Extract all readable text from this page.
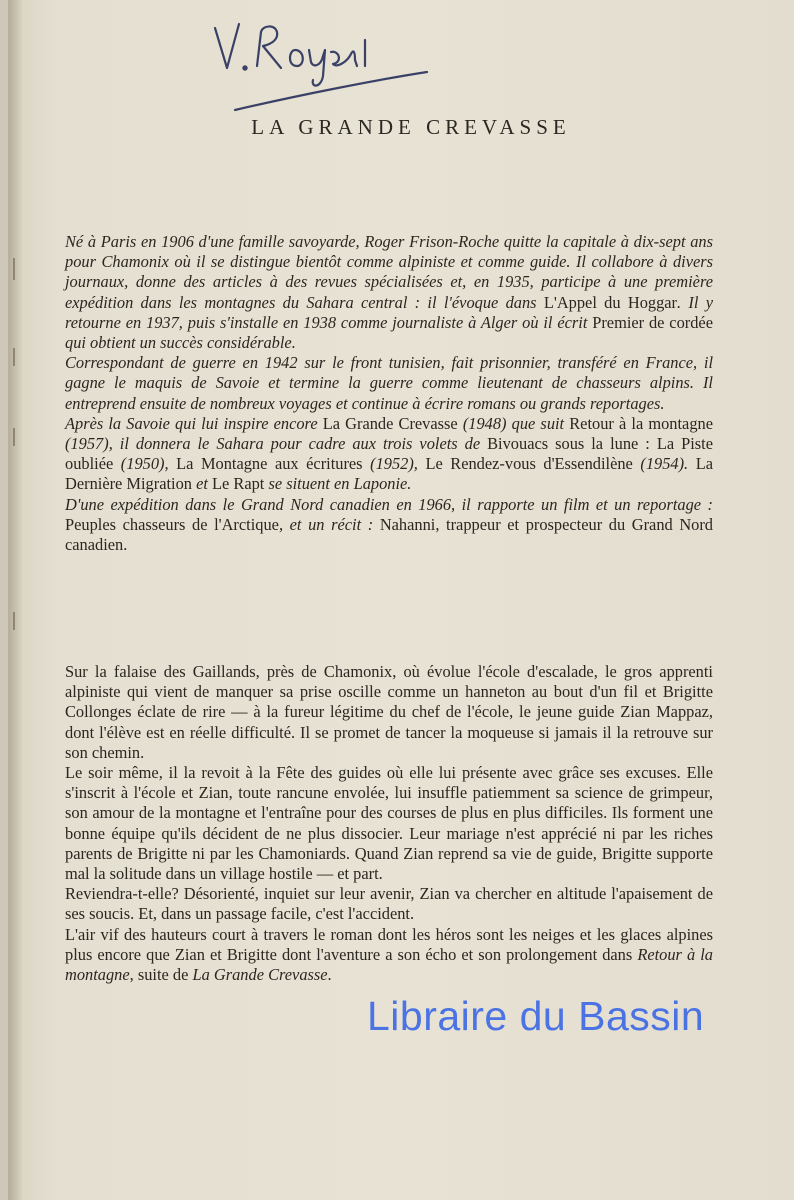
LA GRANDE CREVASSE

Né à Paris en 1906 d'une famille savoyarde, Roger Frison-Roche quitte la capitale à dix-sept ans pour Chamonix où il se distingue bientôt comme alpiniste et comme guide. Il collabore à divers journaux, donne des articles à des revues spécialisées et, en 1935, participe à une première expédition dans les montagnes du Sahara central : il l'évoque dans L'Appel du Hoggar. Il y retourne en 1937, puis s'installe en 1938 comme journaliste à Alger où il écrit Premier de cordée qui obtient un succès considérable.

Correspondant de guerre en 1942 sur le front tunisien, fait prisonnier, transféré en France, il gagne le maquis de Savoie et termine la guerre comme lieutenant de chasseurs alpins. Il entreprend ensuite de nombreux voyages et continue à écrire romans ou grands reportages.

Après la Savoie qui lui inspire encore La Grande Crevasse (1948) que suit Retour à la montagne (1957), il donnera le Sahara pour cadre aux trois volets de Bivouacs sous la lune : La Piste oubliée (1950), La Montagne aux écritures (1952), Le Rendez-vous d'Essendilène (1954). La Dernière Migration et Le Rapt se situent en Laponie.

D'une expédition dans le Grand Nord canadien en 1966, il rapporte un film et un reportage : Peuples chasseurs de l'Arctique, et un récit : Nahanni, trappeur et prospecteur du Grand Nord canadien.

Sur la falaise des Gaillands, près de Chamonix, où évolue l'école d'escalade, le gros apprenti alpiniste qui vient de manquer sa prise oscille comme un hanneton au bout d'un fil et Brigitte Collonges éclate de rire — à la fureur légitime du chef de l'école, le jeune guide Zian Mappaz, dont l'élève est en réelle difficulté. Il se promet de tancer la moqueuse si jamais il la retrouve sur son chemin.

Le soir même, il la revoit à la Fête des guides où elle lui présente avec grâce ses excuses. Elle s'inscrit à l'école et Zian, toute rancune envolée, lui insuffle patiemment sa science de grimpeur, son amour de la montagne et l'entraîne pour des courses de plus en plus difficiles. Ils forment une bonne équipe qu'ils décident de ne plus dissocier. Leur mariage n'est apprécié ni par les riches parents de Brigitte ni par les Chamoniards. Quand Zian reprend sa vie de guide, Brigitte supporte mal la solitude dans un village hostile — et part.

Reviendra-t-elle? Désorienté, inquiet sur leur avenir, Zian va chercher en altitude l'apaisement de ses soucis. Et, dans un passage facile, c'est l'accident.

L'air vif des hauteurs court à travers le roman dont les héros sont les neiges et les glaces alpines plus encore que Zian et Brigitte dont l'aventure a son écho et son prolongement dans Retour à la montagne, suite de La Grande Crevasse.

Libraire du Bassin
